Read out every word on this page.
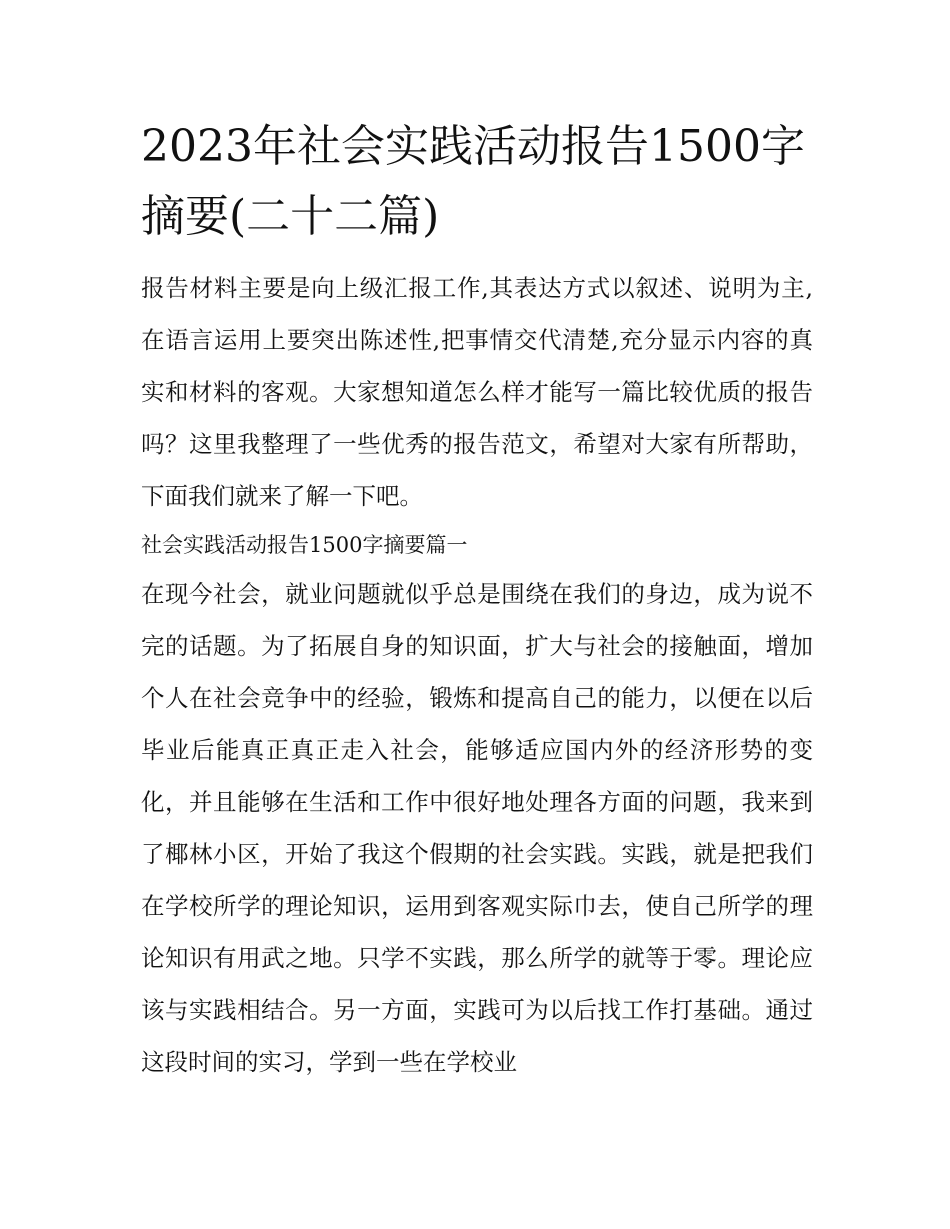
2023年社会实践活动报告1500字摘要(二十二篇)

报告材料主要是向上级汇报工作,其表达方式以叙述、说明为主,在语言运用上要突出陈述性,把事情交代清楚,充分显示内容的真实和材料的客观。大家想知道怎么样才能写一篇比较优质的报告吗？这里我整理了一些优秀的报告范文，希望对大家有所帮助，下面我们就来了解一下吧。

社会实践活动报告1500字摘要篇一

在现今社会，就业问题就似乎总是围绕在我们的身边，成为说不完的话题。为了拓展自身的知识面，扩大与社会的接触面，增加个人在社会竞争中的经验，锻炼和提高自己的能力，以便在以后毕业后能真正真正走入社会，能够适应国内外的经济形势的变化，并且能够在生活和工作中很好地处理各方面的问题，我来到了椰林小区，开始了我这个假期的社会实践。实践，就是把我们在学校所学的理论知识，运用到客观实际巾去，使自己所学的理论知识有用武之地。只学不实践，那么所学的就等于零。理论应该与实践相结合。另一方面，实践可为以后找工作打基础。通过这段时间的实习，学到一些在学校业
